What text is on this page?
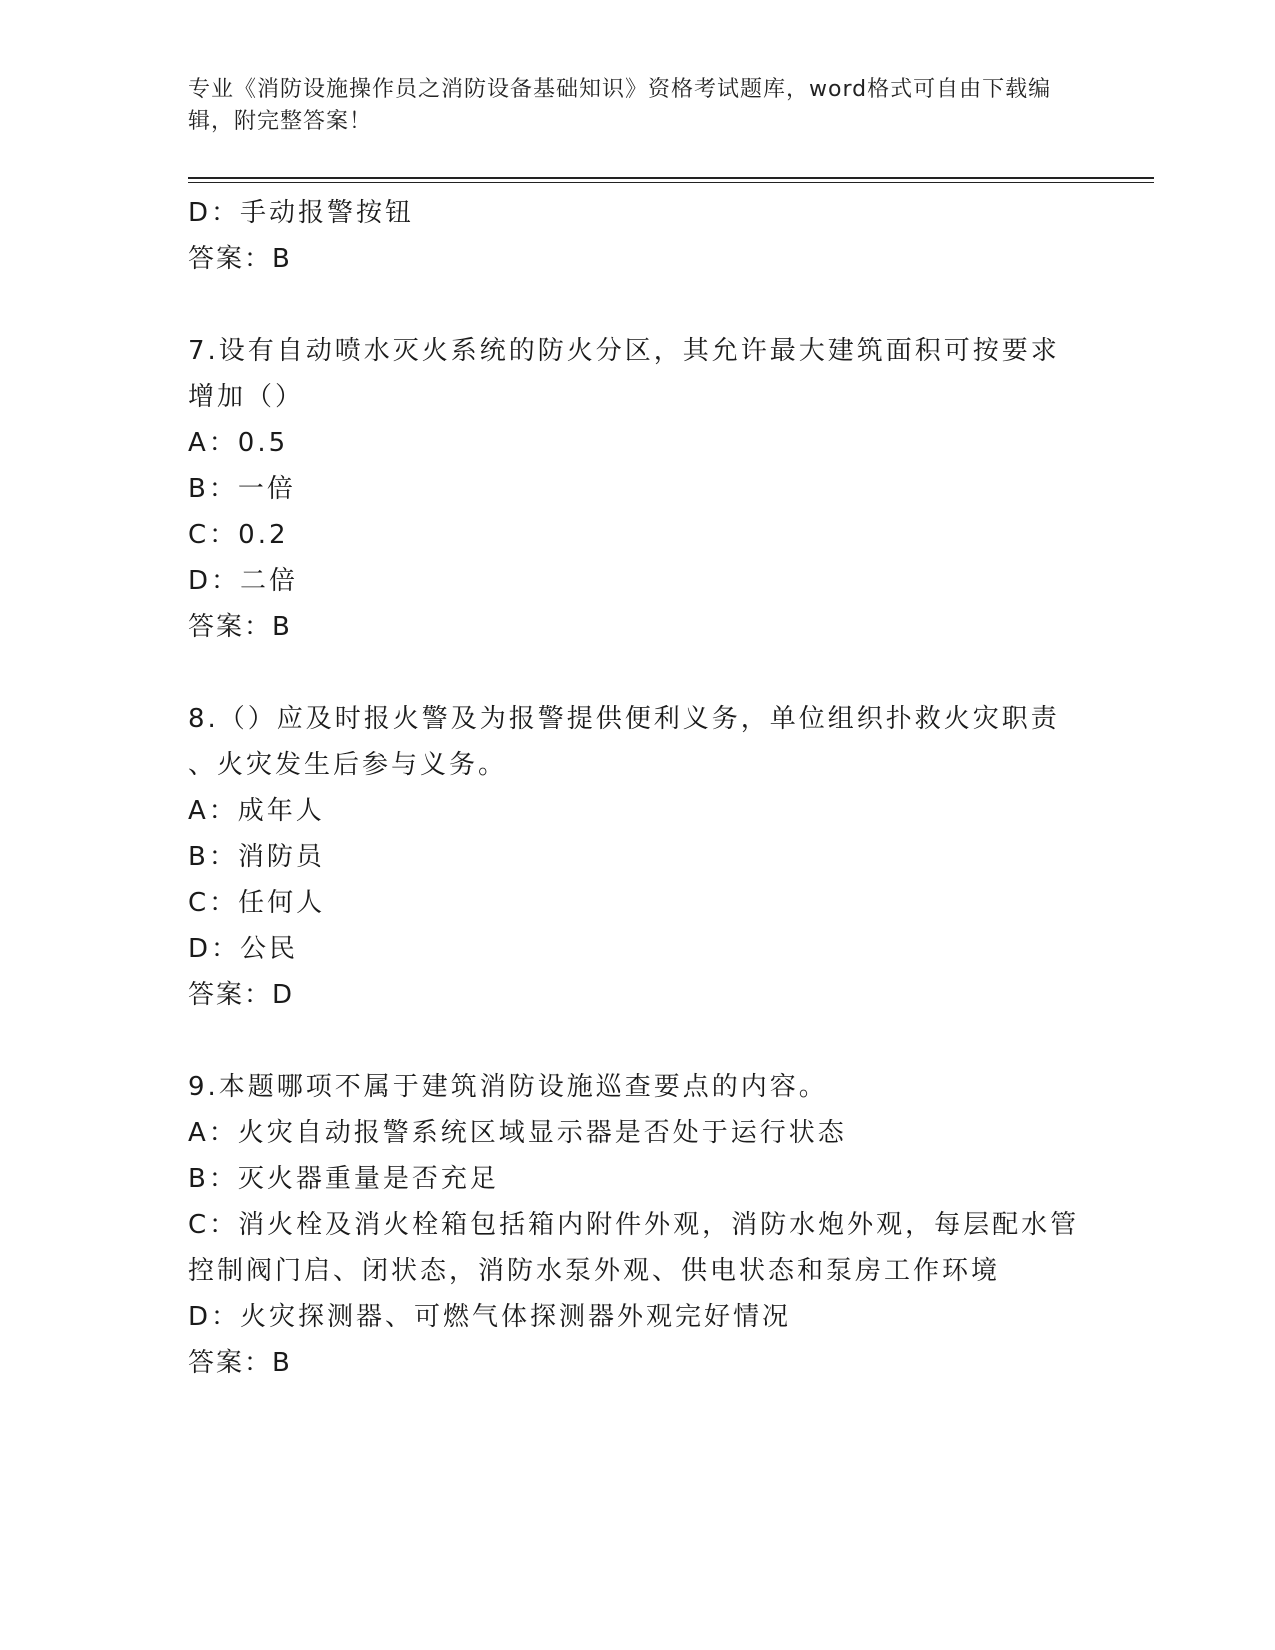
专业《消防设施操作员之消防设备基础知识》资格考试题库，word格式可自由下载编辑，附完整答案！
D：手动报警按钮
答案：B
7.设有自动喷水灭火系统的防火分区，其允许最大建筑面积可按要求
增加（）
A：0.5
B：一倍
C：0.2
D：二倍
答案：B
8.（）应及时报火警及为报警提供便利义务，单位组织扑救火灾职责
、火灾发生后参与义务。
A：成年人
B：消防员
C：任何人
D：公民
答案：D
9.本题哪项不属于建筑消防设施巡查要点的内容。
A：火灾自动报警系统区域显示器是否处于运行状态
B：灭火器重量是否充足
C：消火栓及消火栓箱包括箱内附件外观，消防水炮外观，每层配水管
控制阀门启、闭状态，消防水泵外观、供电状态和泵房工作环境
D：火灾探测器、可燃气体探测器外观完好情况
答案：B
